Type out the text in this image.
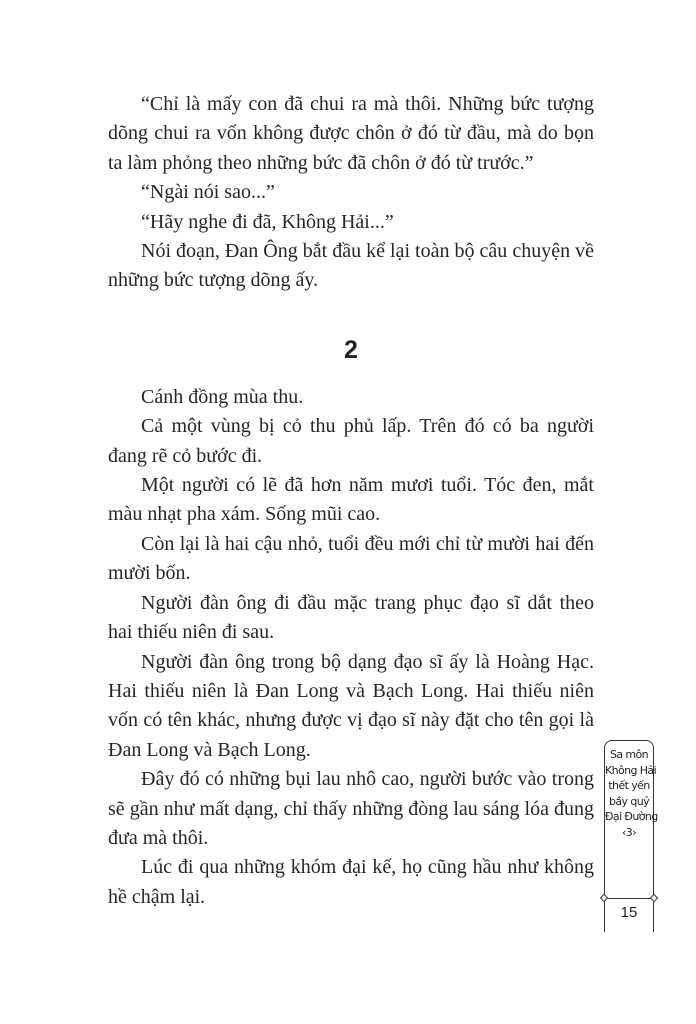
“Chỉ là mấy con đã chui ra mà thôi. Những bức tượng dõng chui ra vốn không được chôn ở đó từ đầu, mà do bọn ta làm phỏng theo những bức đã chôn ở đó từ trước.”

“Ngài nói sao...”

“Hãy nghe đi đã, Không Hải...”

Nói đoạn, Đan Ông bắt đầu kể lại toàn bộ câu chuyện về những bức tượng dõng ấy.

2

Cánh đồng mùa thu.

Cả một vùng bị cỏ thu phủ lấp. Trên đó có ba người đang rẽ cỏ bước đi.

Một người có lẽ đã hơn năm mươi tuổi. Tóc đen, mắt màu nhạt pha xám. Sống mũi cao.

Còn lại là hai cậu nhỏ, tuổi đều mới chỉ từ mười hai đến mười bốn.

Người đàn ông đi đầu mặc trang phục đạo sĩ dắt theo hai thiếu niên đi sau.

Người đàn ông trong bộ dạng đạo sĩ ấy là Hoàng Hạc. Hai thiếu niên là Đan Long và Bạch Long. Hai thiếu niên vốn có tên khác, nhưng được vị đạo sĩ này đặt cho tên gọi là Đan Long và Bạch Long.

Đây đó có những bụi lau nhô cao, người bước vào trong sẽ gần như mất dạng, chỉ thấy những đòng lau sáng lóa đung đưa mà thôi.

Lúc đi qua những khóm đại kế, họ cũng hầu như không hề chậm lại.

Sa môn
Không Hải
thết yến
bầy quỷ
Đại Đường
‹3›
15
